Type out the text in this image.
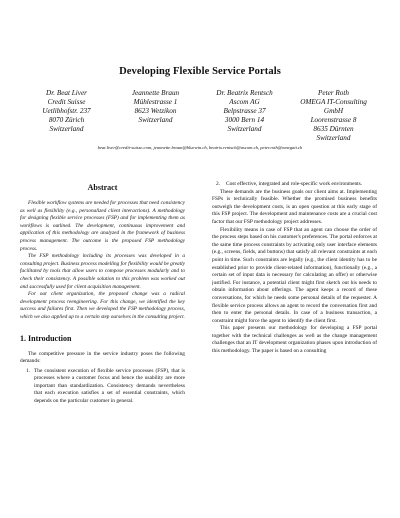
Developing Flexible Service Portals
Dr. Beat Liver
Credit Suisse
Uetlibhofstr. 237
8070 Zürich
Switzerland
Jeannette Braun
Mühlestrasse 1
8623 Wetzikon
Switzerland
Dr. Beatrix Rentsch
Ascom AG
Belpstrasse 37
3000 Bern 14
Switzerland
Peter Roth
OMEGA IT-Consulting
GmbH
Loorenstrasse 8
8635 Dürnten
Switzerland
beat.liver@credit-suisse.com, jeannette.braun@bluewin.ch, beatrix.rentsch@ascom.ch, peter.roth@omegait.ch
Abstract

Flexible workflow systems are needed for processes that need consistency as well as flexibility (e.g., personalized client interactions). A methodology for designing flexible service processes (FSP) and for implementing them as workflows is outlined. The development, continuous improvement and application of this methodology are analyzed in the framework of business process management. The outcome is the proposed FSP methodology process.

The FSP methodology including its processes was developed in a consulting project. Business process modelling for flexibility would be greatly facilitated by tools that allow users to compose processes modularly and to check their consistency. A possible solution to this problem was worked out and successfully used for client acquisition management.

For our client organization, the proposed change was a radical development process reengineering. For this change, we identified the key success and failures first. Then we developed the FSP methodology process, which we also applied up to a certain step ourselves in the consulting project.

1. Introduction

The competitive pressure in the service industry poses the following demands:

1. The consistent execution of flexible service processes (FSP), that is processes where a customer focus and hence the usability are more important than standardization. Consistency demands nevertheless that each execution satisfies a set of essential constraints, which depends on the particular customer in general.
2.	Cost effective, integrated and role-specific work environments.

These demands are the business goals our client aims at. Implementing FSPs is technically feasible. Whether the promised business benefits outweigh the development costs, is an open question at this early stage of this FSP project. The development and maintenance costs are a crucial cost factor that our FSP methodology project addresses.

Flexibility means in case of FSP that an agent can choose the order of the process steps based on his customer's preferences. The portal enforces at the same time process constraints by activating only user interface elements (e.g., screens, fields, and buttons) that satisfy all relevant constraints at each point in time. Such constraints are legally (e.g., the client identity has to be established prior to provide client-related information), functionally (e.g., a certain set of input data is necessary for calculating an offer) or otherwise justified. For instance, a potential client might first sketch out his needs to obtain information about offerings. The agent keeps a record of these conversations, for which he needs some personal details of the requester. A flexible service process allows an agent to record the conversation first and then to enter the personal details. In case of a business transaction, a constraint might force the agent to identify the client first.

This paper presents our methodology for developing a FSP portal together with the technical challenges as well as the change management challenges that an IT development organization phases upon introduction of this methodology. The paper is based on a consulting
